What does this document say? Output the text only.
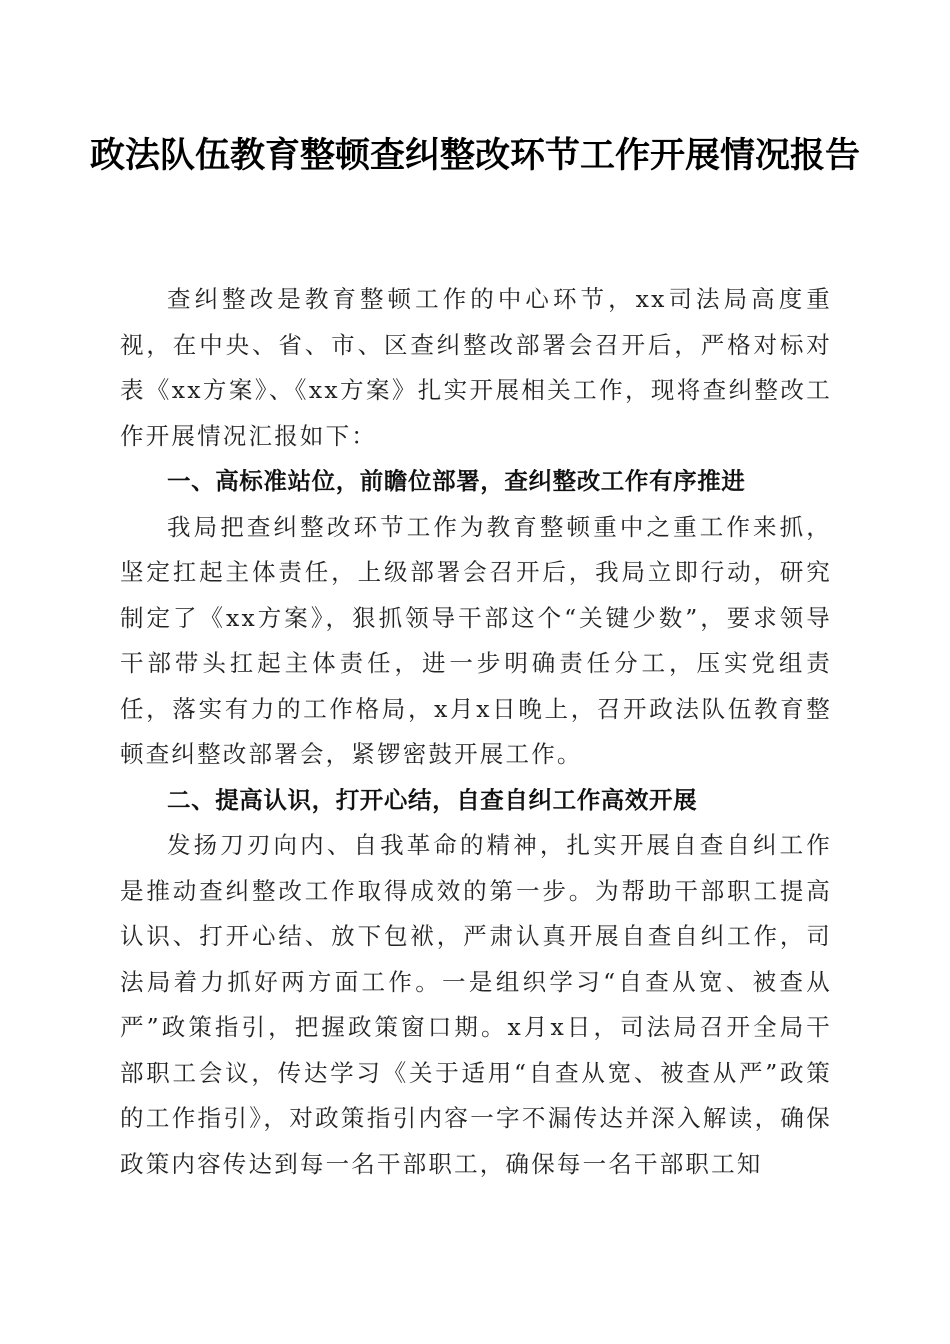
政法队伍教育整顿查纠整改环节工作开展情况报告

查纠整改是教育整顿工作的中心环节，xx司法局高度重视，在中央、省、市、区查纠整改部署会召开后，严格对标对表《xx方案》、《xx方案》扎实开展相关工作，现将查纠整改工作开展情况汇报如下：

一、高标准站位，前瞻位部署，查纠整改工作有序推进

我局把查纠整改环节工作为教育整顿重中之重工作来抓，坚定扛起主体责任，上级部署会召开后，我局立即行动，研究制定了《xx方案》，狠抓领导干部这个“关键少数”，要求领导干部带头扛起主体责任，进一步明确责任分工，压实党组责任，落实有力的工作格局，x月x日晚上，召开政法队伍教育整顿查纠整改部署会，紧锣密鼓开展工作。

二、提高认识，打开心结，自查自纠工作高效开展

发扬刀刃向内、自我革命的精神，扎实开展自查自纠工作是推动查纠整改工作取得成效的第一步。为帮助干部职工提高认识、打开心结、放下包袱，严肃认真开展自查自纠工作，司法局着力抓好两方面工作。一是组织学习“自查从宽、被查从严”政策指引，把握政策窗口期。x月x日，司法局召开全局干部职工会议，传达学习《关于适用“自查从宽、被查从严”政策的工作指引》，对政策指引内容一字不漏传达并深入解读，确保政策内容传达到每一名干部职工，确保每一名干部职工知
